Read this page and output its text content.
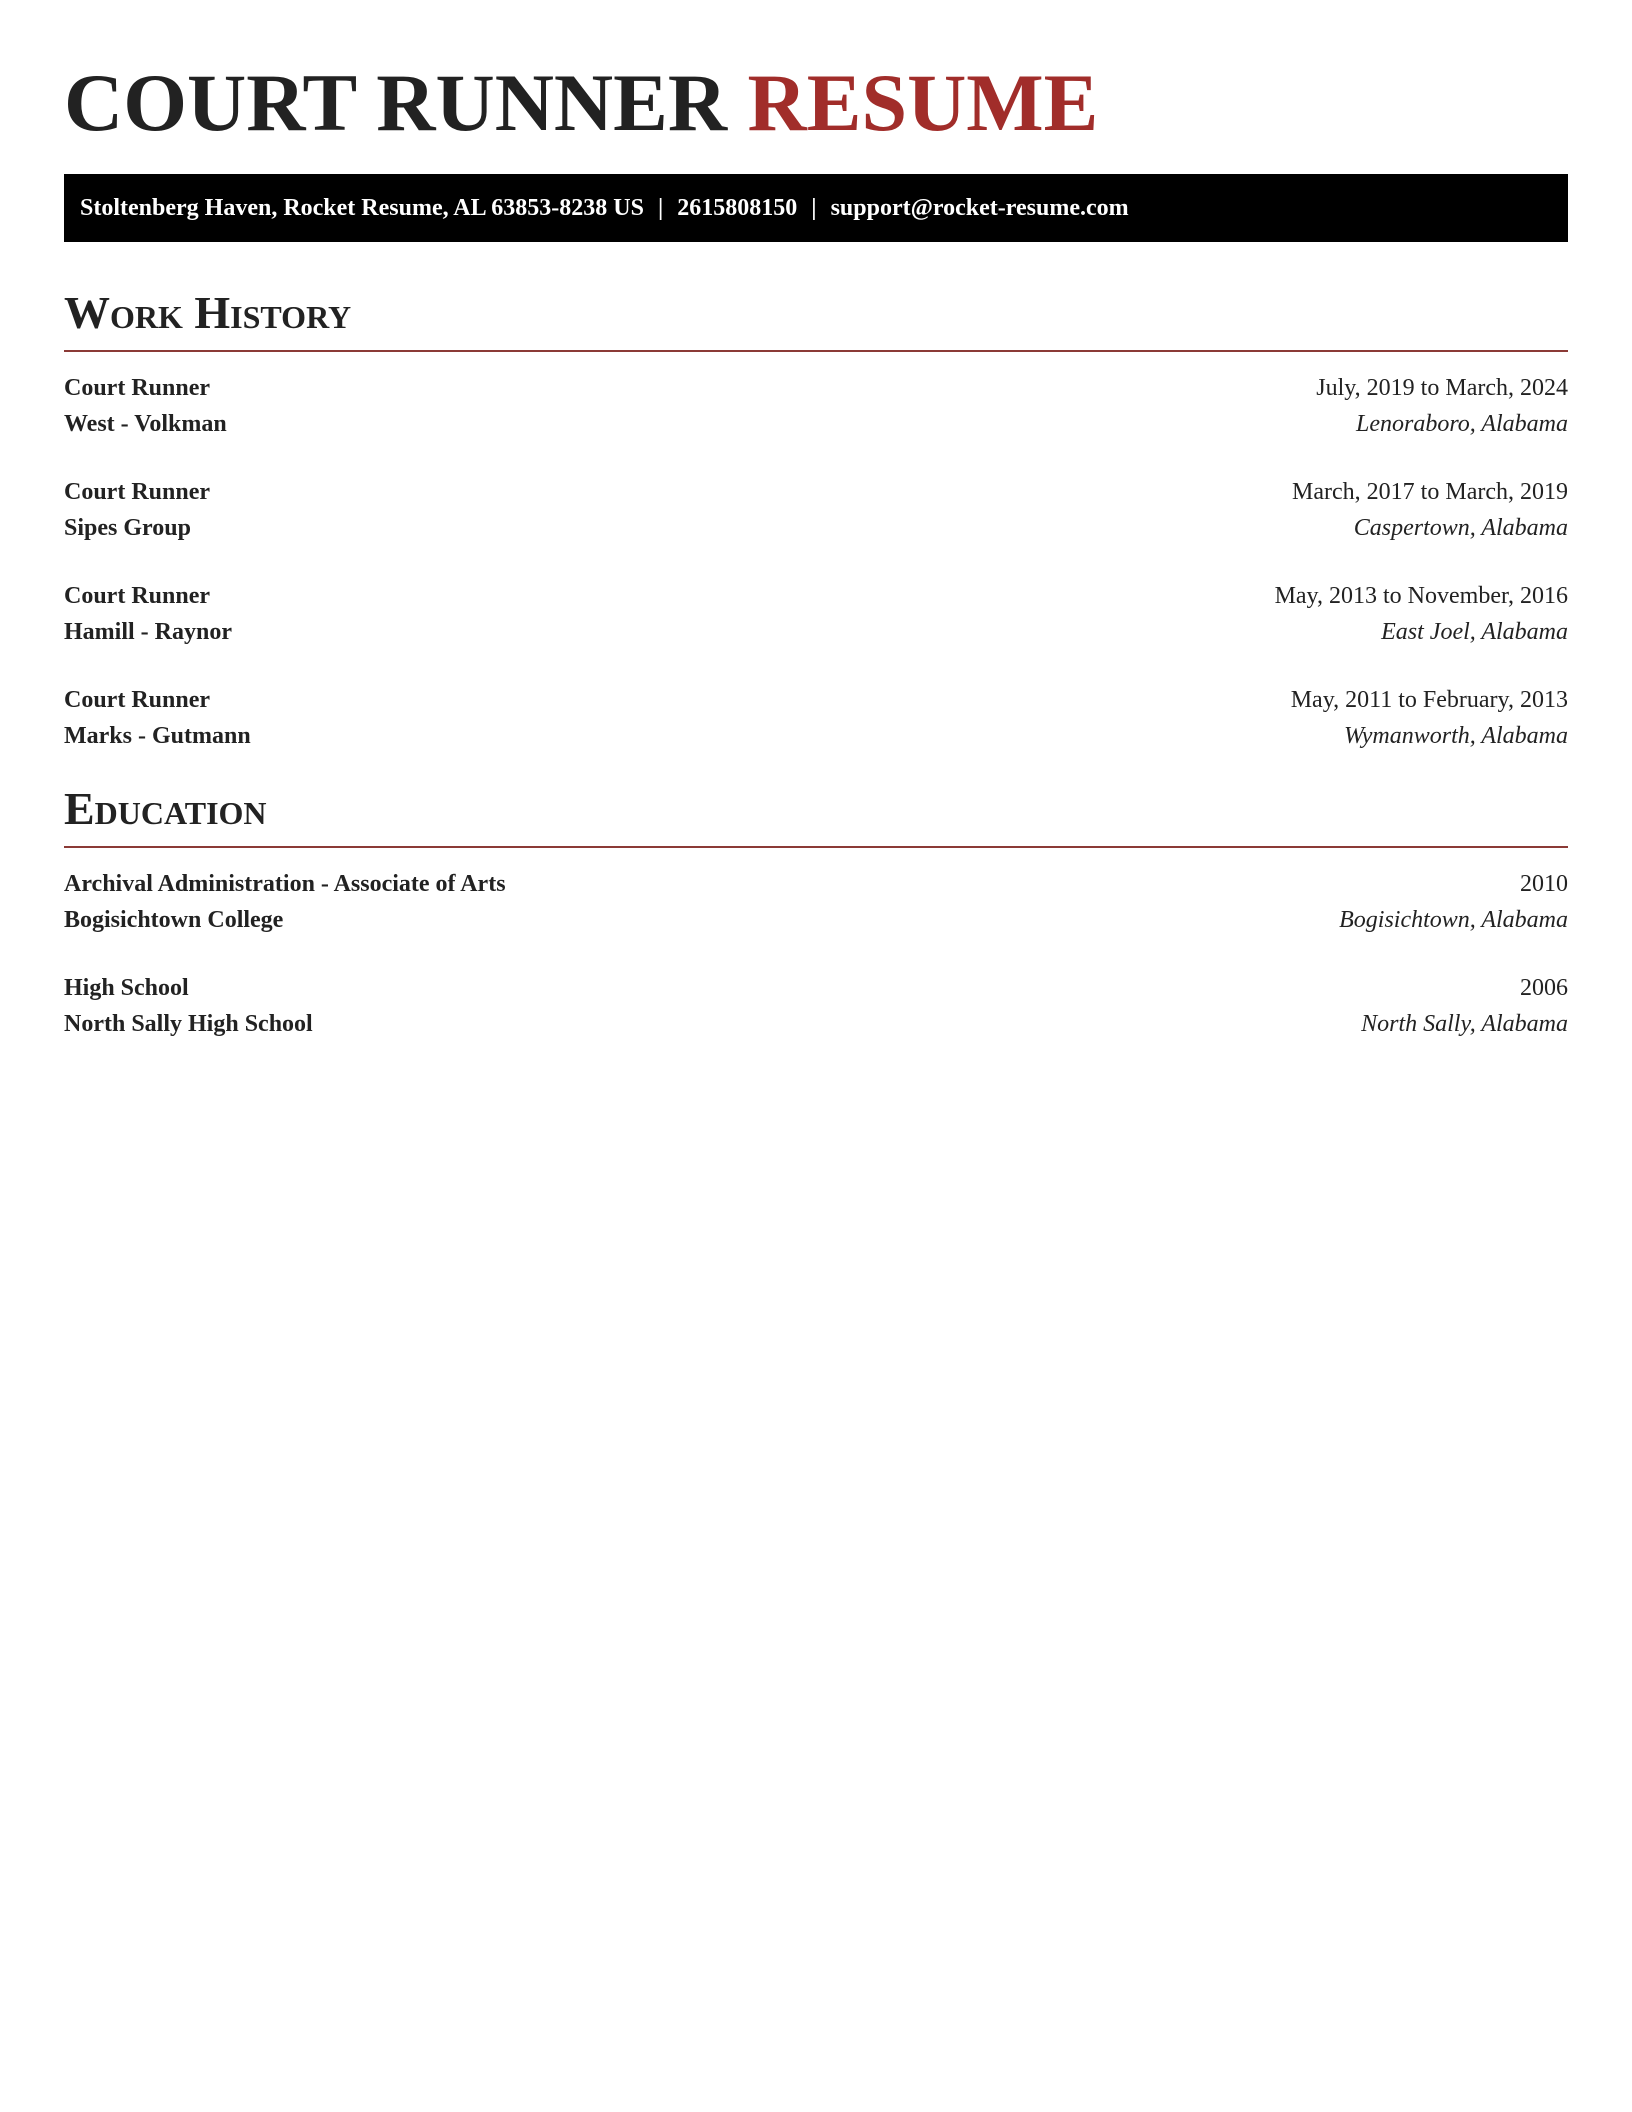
COURT RUNNER RESUME
Stoltenberg Haven, Rocket Resume, AL 63853-8238 US | 2615808150 | support@rocket-resume.com
Work History
Court Runner	July, 2019 to March, 2024
West - Volkman	Lenoraboro, Alabama
Court Runner	March, 2017 to March, 2019
Sipes Group	Caspertown, Alabama
Court Runner	May, 2013 to November, 2016
Hamill - Raynor	East Joel, Alabama
Court Runner	May, 2011 to February, 2013
Marks - Gutmann	Wymanworth, Alabama
Education
Archival Administration - Associate of Arts	2010
Bogisichtown College	Bogisichtown, Alabama
High School	2006
North Sally High School	North Sally, Alabama
